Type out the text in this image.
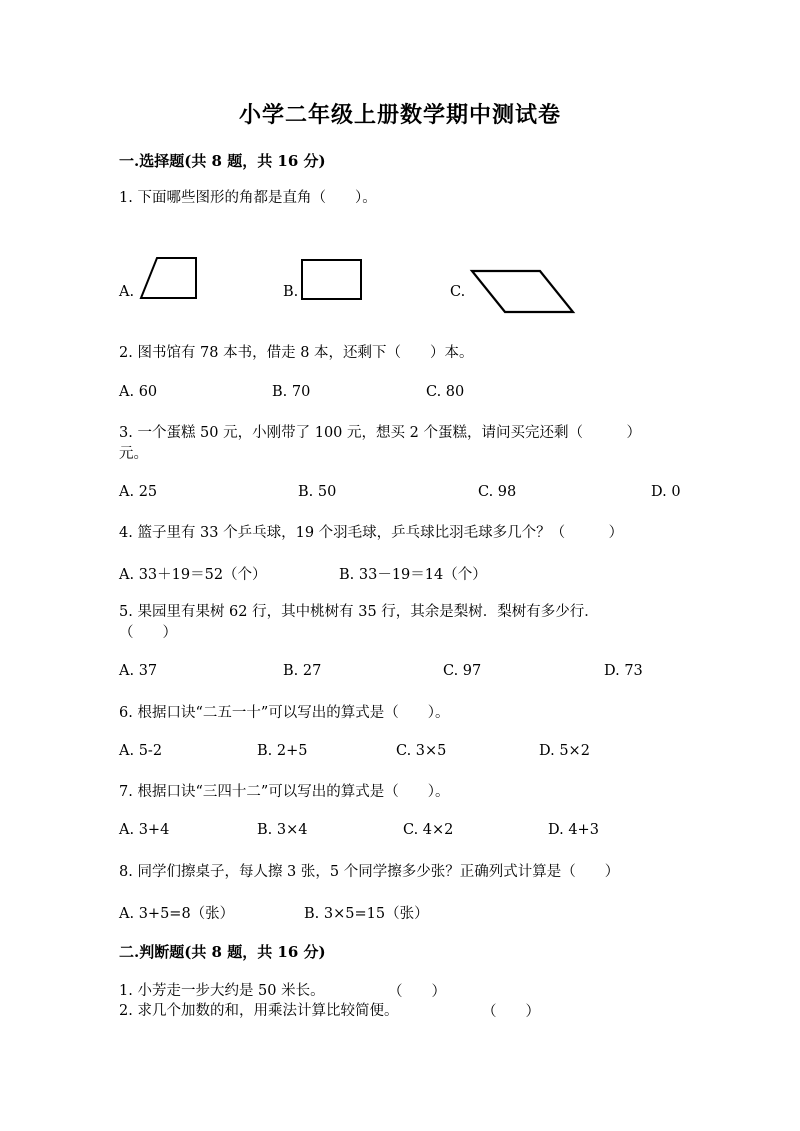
小学二年级上册数学期中测试卷
一.选择题(共 8 题，共 16 分)
1. 下面哪些图形的角都是直角（　　）。
A.	B.	C.
2. 图书馆有 78 本书，借走 8 本，还剩下（　　）本。
A. 60	B. 70	C. 80
3. 一个蛋糕 50 元，小刚带了 100 元，想买 2 个蛋糕，请问买完还剩（　　　）
元。
A. 25	B. 50	C. 98	D. 0
4. 篮子里有 33 个乒乓球，19 个羽毛球，乒乓球比羽毛球多几个？（　　　）
A. 33＋19＝52（个）	B. 33－19＝14（个）
5. 果园里有果树 62 行，其中桃树有 35 行，其余是梨树．梨树有多少行．
（　　）
A. 37	B. 27	C. 97	D. 73
6. 根据口诀“二五一十”可以写出的算式是（　　）。
A. 5-2	B. 2+5	C. 3×5	D. 5×2
7. 根据口诀“三四十二”可以写出的算式是（　　）。
A. 3+4	B. 3×4	C. 4×2	D. 4+3
8. 同学们擦桌子，每人擦 3 张，5 个同学擦多少张？正确列式计算是（　　）
A. 3+5=8（张）	B. 3×5=15（张）
二.判断题(共 8 题，共 16 分)
1. 小芳走一步大约是 50 米长。	（　　）
2. 求几个加数的和，用乘法计算比较简便。	（　　）
